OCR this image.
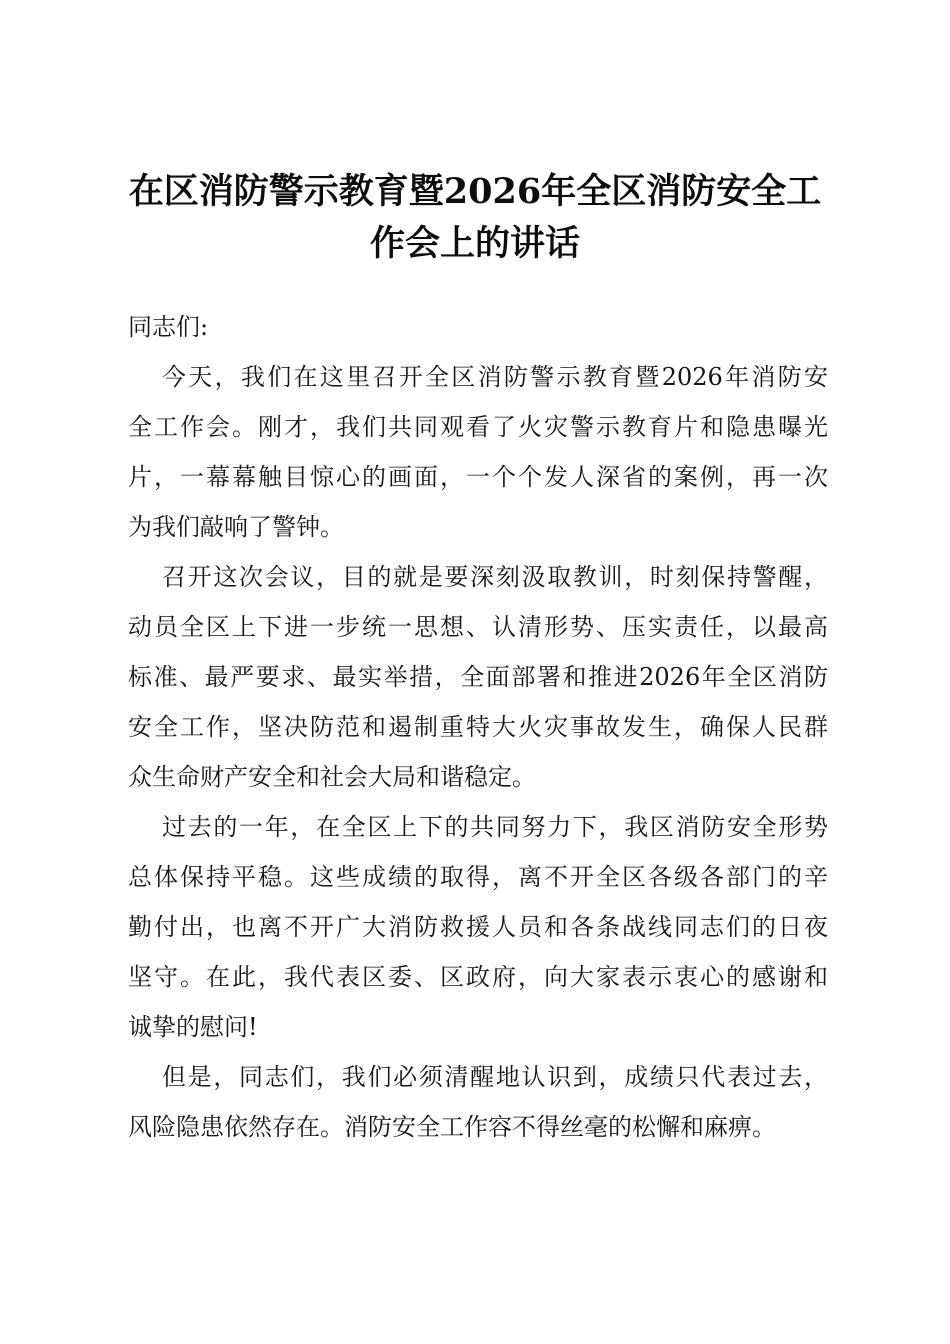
在区消防警示教育暨2026年全区消防安全工
作会上的讲话

同志们:

今天，我们在这里召开全区消防警示教育暨2026年消防安
全工作会。刚才，我们共同观看了火灾警示教育片和隐患曝光
片，一幕幕触目惊心的画面，一个个发人深省的案例，再一次
为我们敲响了警钟。

召开这次会议，目的就是要深刻汲取教训，时刻保持警醒，
动员全区上下进一步统一思想、认清形势、压实责任，以最高
标准、最严要求、最实举措，全面部署和推进2026年全区消防
安全工作，坚决防范和遏制重特大火灾事故发生，确保人民群
众生命财产安全和社会大局和谐稳定。

过去的一年，在全区上下的共同努力下，我区消防安全形势
总体保持平稳。这些成绩的取得，离不开全区各级各部门的辛
勤付出，也离不开广大消防救援人员和各条战线同志们的日夜
坚守。在此，我代表区委、区政府，向大家表示衷心的感谢和
诚挚的慰问!

但是，同志们，我们必须清醒地认识到，成绩只代表过去，
风险隐患依然存在。消防安全工作容不得丝毫的松懈和麻痹。
